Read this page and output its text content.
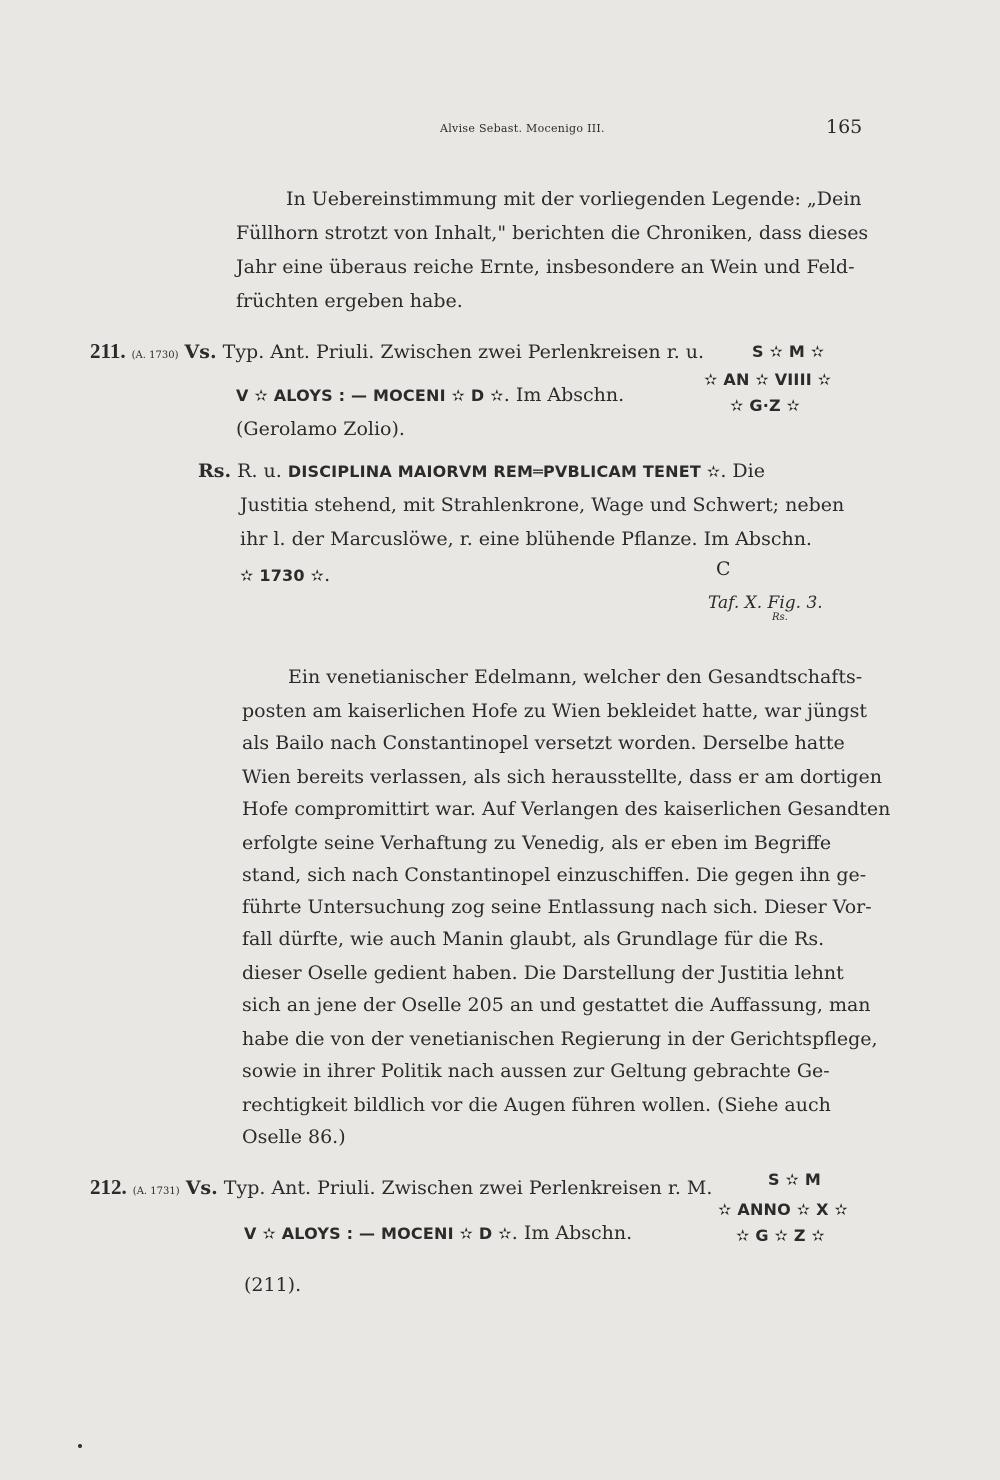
Alvise Sebast. Mocenigo III.	165
In Uebereinstimmung mit der vorliegenden Legende: „Dein
Füllhorn strotzt von Inhalt," berichten die Chroniken, dass dieses
Jahr eine überaus reiche Ernte, insbesondere an Wein und Feld-
früchten ergeben habe.
211. (A. 1730) Vs. Typ. Ant. Priuli. Zwischen zwei Perlenkreisen r. u.	S ✫ M ✫
V ✫ ALOYS : — MOCENI ✫ D ✫. Im Abschn.
✫ AN ✫ VIIII ✫
✫ G·Z ✫
(Gerolamo Zolio).
Rs. R. u. DISCIPLINA MAIORVM REM═PVBLICAM TENET ✫. Die
Justitia stehend, mit Strahlenkrone, Wage und Schwert; neben
ihr l. der Marcuslöwe, r. eine blühende Pflanze. Im Abschn.
✫ 1730 ✫.	C
Taf. X. Fig. 3.
Rs.
Ein venetianischer Edelmann, welcher den Gesandtschafts-
posten am kaiserlichen Hofe zu Wien bekleidet hatte, war jüngst
als Bailo nach Constantinopel versetzt worden. Derselbe hatte
Wien bereits verlassen, als sich herausstellte, dass er am dortigen
Hofe compromittirt war. Auf Verlangen des kaiserlichen Gesandten
erfolgte seine Verhaftung zu Venedig, als er eben im Begriffe
stand, sich nach Constantinopel einzuschiffen. Die gegen ihn ge-
führte Untersuchung zog seine Entlassung nach sich. Dieser Vor-
fall dürfte, wie auch Manin glaubt, als Grundlage für die Rs.
dieser Oselle gedient haben. Die Darstellung der Justitia lehnt
sich an jene der Oselle 205 an und gestattet die Auffassung, man
habe die von der venetianischen Regierung in der Gerichtspflege,
sowie in ihrer Politik nach aussen zur Geltung gebrachte Ge-
rechtigkeit bildlich vor die Augen führen wollen. (Siehe auch
Oselle 86.)
212. (A. 1731) Vs. Typ. Ant. Priuli. Zwischen zwei Perlenkreisen r. M.	S ✫ M
V ✫ ALOYS : — MOCENI ✫ D ✫. Im Abschn.
✫ ANNO ✫ X ✫
✫ G ✫ Z ✫
(211).
